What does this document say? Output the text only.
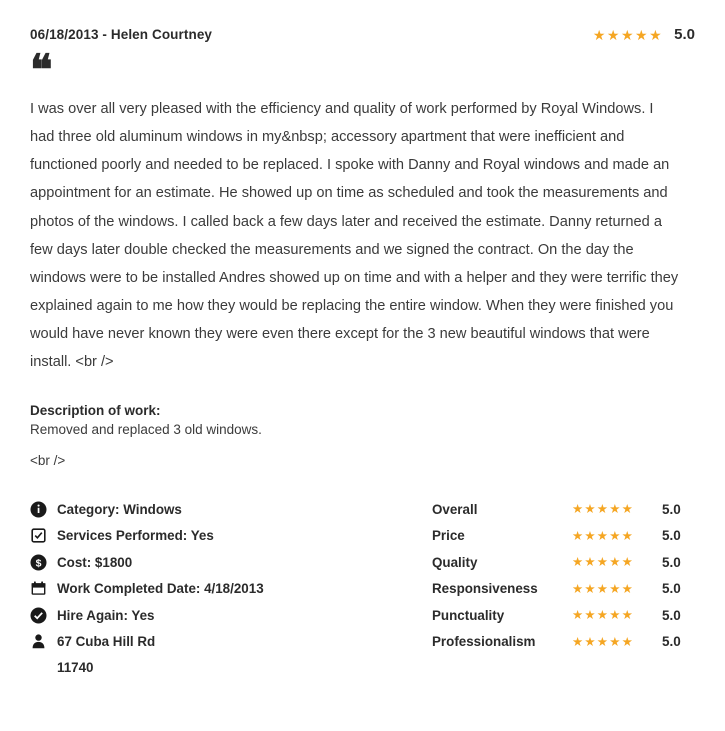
06/18/2013 - Helen Courtney	★★★★★ 5.0
❝

I was over all very pleased with the efficiency and quality of work performed by Royal Windows. I had three old aluminum windows in my&nbsp; accessory apartment that were inefficient and functioned poorly and needed to be replaced. I spoke with Danny and Royal windows and made an appointment for an estimate. He showed up on time as scheduled and took the measurements and photos of the windows. I called back a few days later and received the estimate. Danny returned a few days later double checked the measurements and we signed the contract. On the day the windows were to be installed Andres showed up on time and with a helper and they were terrific they explained again to me how they would be replacing the entire window. When they were finished you would have never known they were even there except for the 3 new beautiful windows that were install. <br />

Description of work:

Removed and replaced 3 old windows.

<br />

Category: Windows
Services Performed: Yes
$ Cost: $1800
Work Completed Date: 4/18/2013
Hire Again: Yes
67 Cuba Hill Rd
11740
Overall	★★★★★	5.0
Price	★★★★★	5.0
Quality	★★★★★	5.0
Responsiveness	★★★★★	5.0
Punctuality	★★★★★	5.0
Professionalism	★★★★★	5.0
